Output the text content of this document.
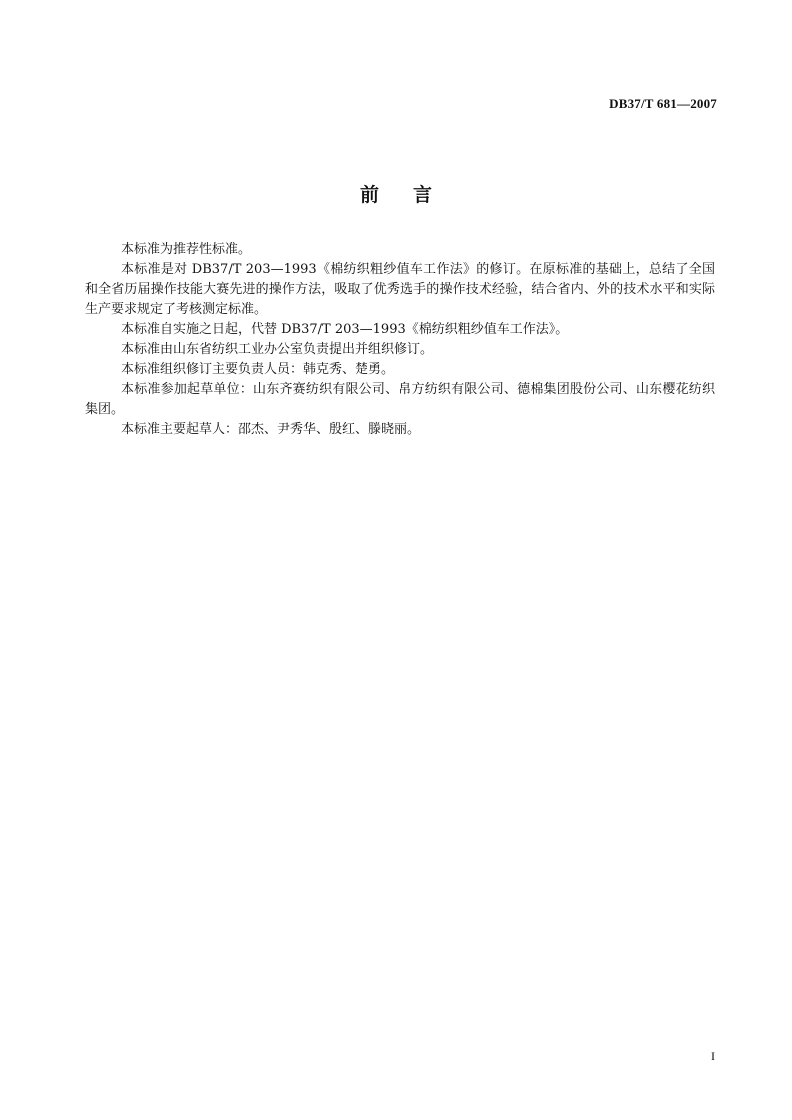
DB37/T 681—2007
前言

本标准为推荐性标准。

本标准是对 DB37/T 203—1993《棉纺织粗纱值车工作法》的修订。在原标准的基础上，总结了全国和全省历届操作技能大赛先进的操作方法，吸取了优秀选手的操作技术经验，结合省内、外的技术水平和实际生产要求规定了考核测定标准。

本标准自实施之日起，代替 DB37/T 203—1993《棉纺织粗纱值车工作法》。

本标准由山东省纺织工业办公室负责提出并组织修订。

本标准组织修订主要负责人员：韩克秀、楚勇。

本标准参加起草单位：山东齐赛纺织有限公司、帛方纺织有限公司、德棉集团股份公司、山东樱花纺织集团。

本标准主要起草人：邵杰、尹秀华、殷红、滕晓丽。

I
